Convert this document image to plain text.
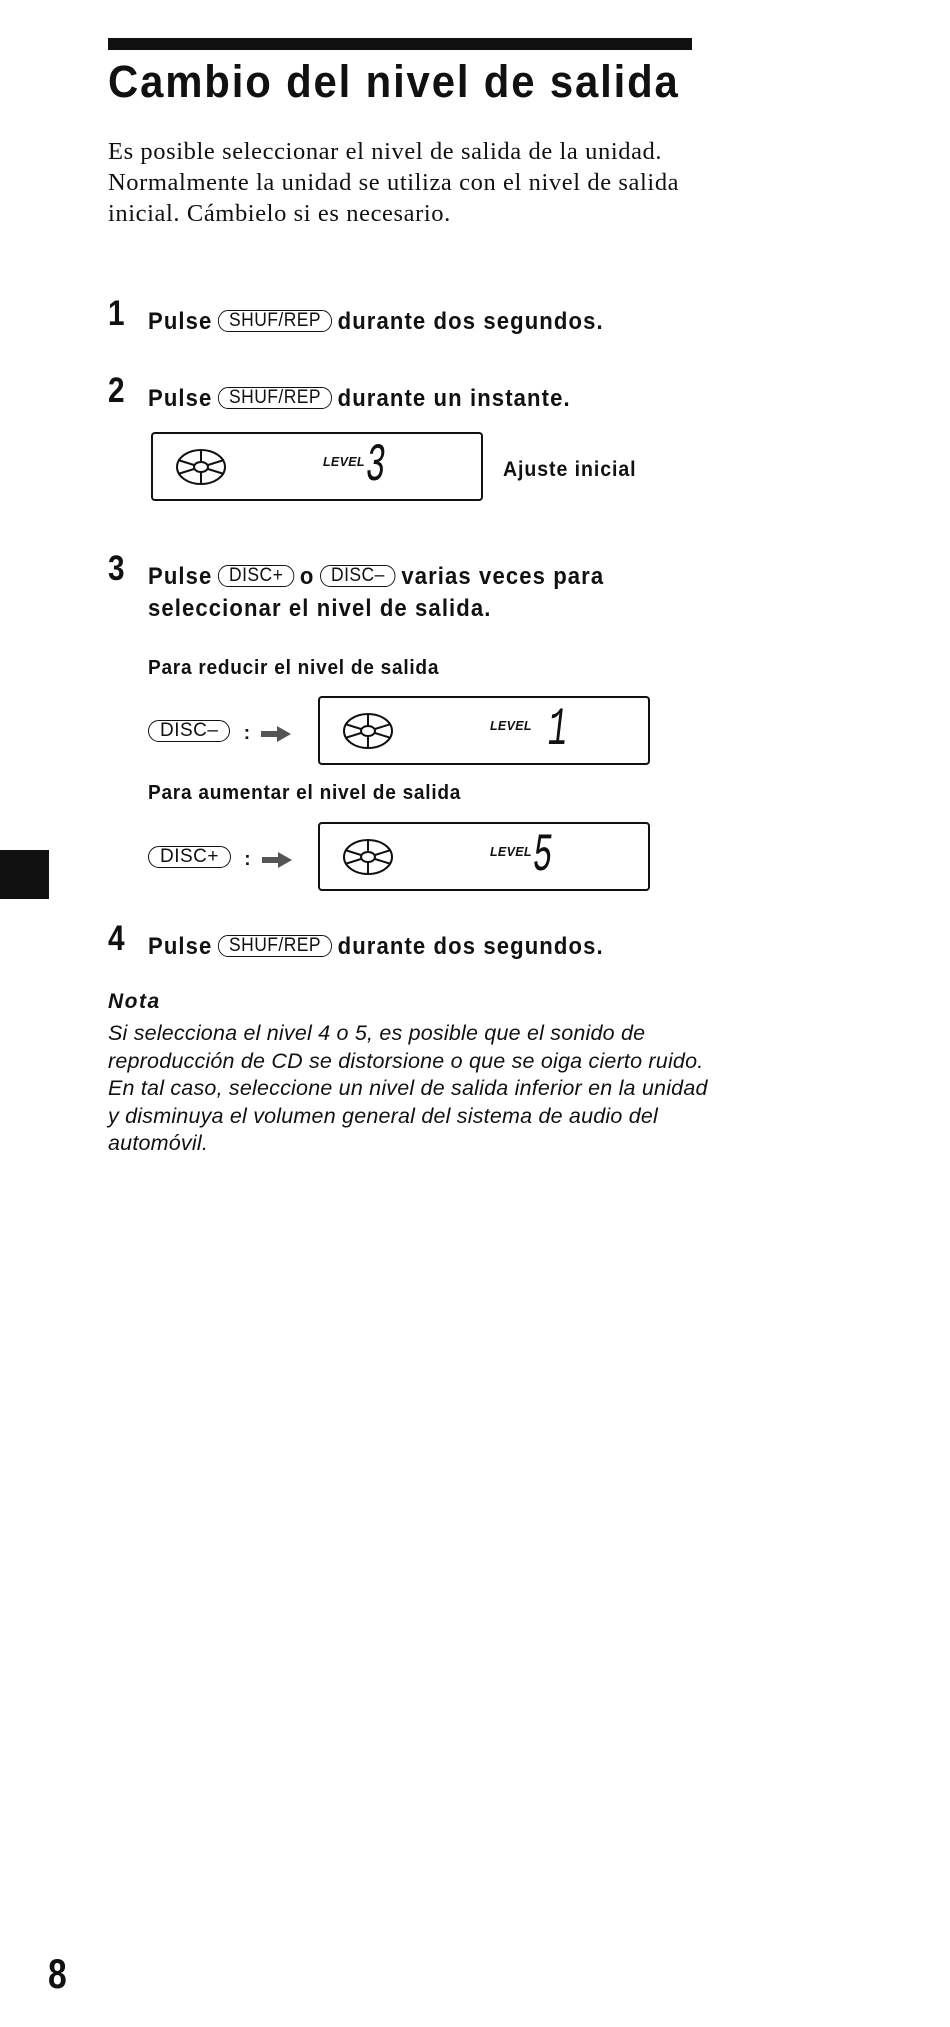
Cambio del nivel de salida
Es posible seleccionar el nivel de salida de la unidad. Normalmente la unidad se utiliza con el nivel de salida inicial. Cámbielo si es necesario.
1 Pulse SHUF/REP durante dos segundos.
2 Pulse SHUF/REP durante un instante.
LEVEL 3	Ajuste inicial
3 Pulse DISC+ o DISC– varias veces para
seleccionar el nivel de salida.
Para reducir el nivel de salida
DISC– :	LEVEL 1
Para aumentar el nivel de salida
DISC+ :	LEVEL 5
4 Pulse SHUF/REP durante dos segundos.
Nota
Si selecciona el nivel 4 o 5, es posible que el sonido de reproducción de CD se distorsione o que se oiga cierto ruido. En tal caso, seleccione un nivel de salida inferior en la unidad y disminuya el volumen general del sistema de audio del automóvil.
8
